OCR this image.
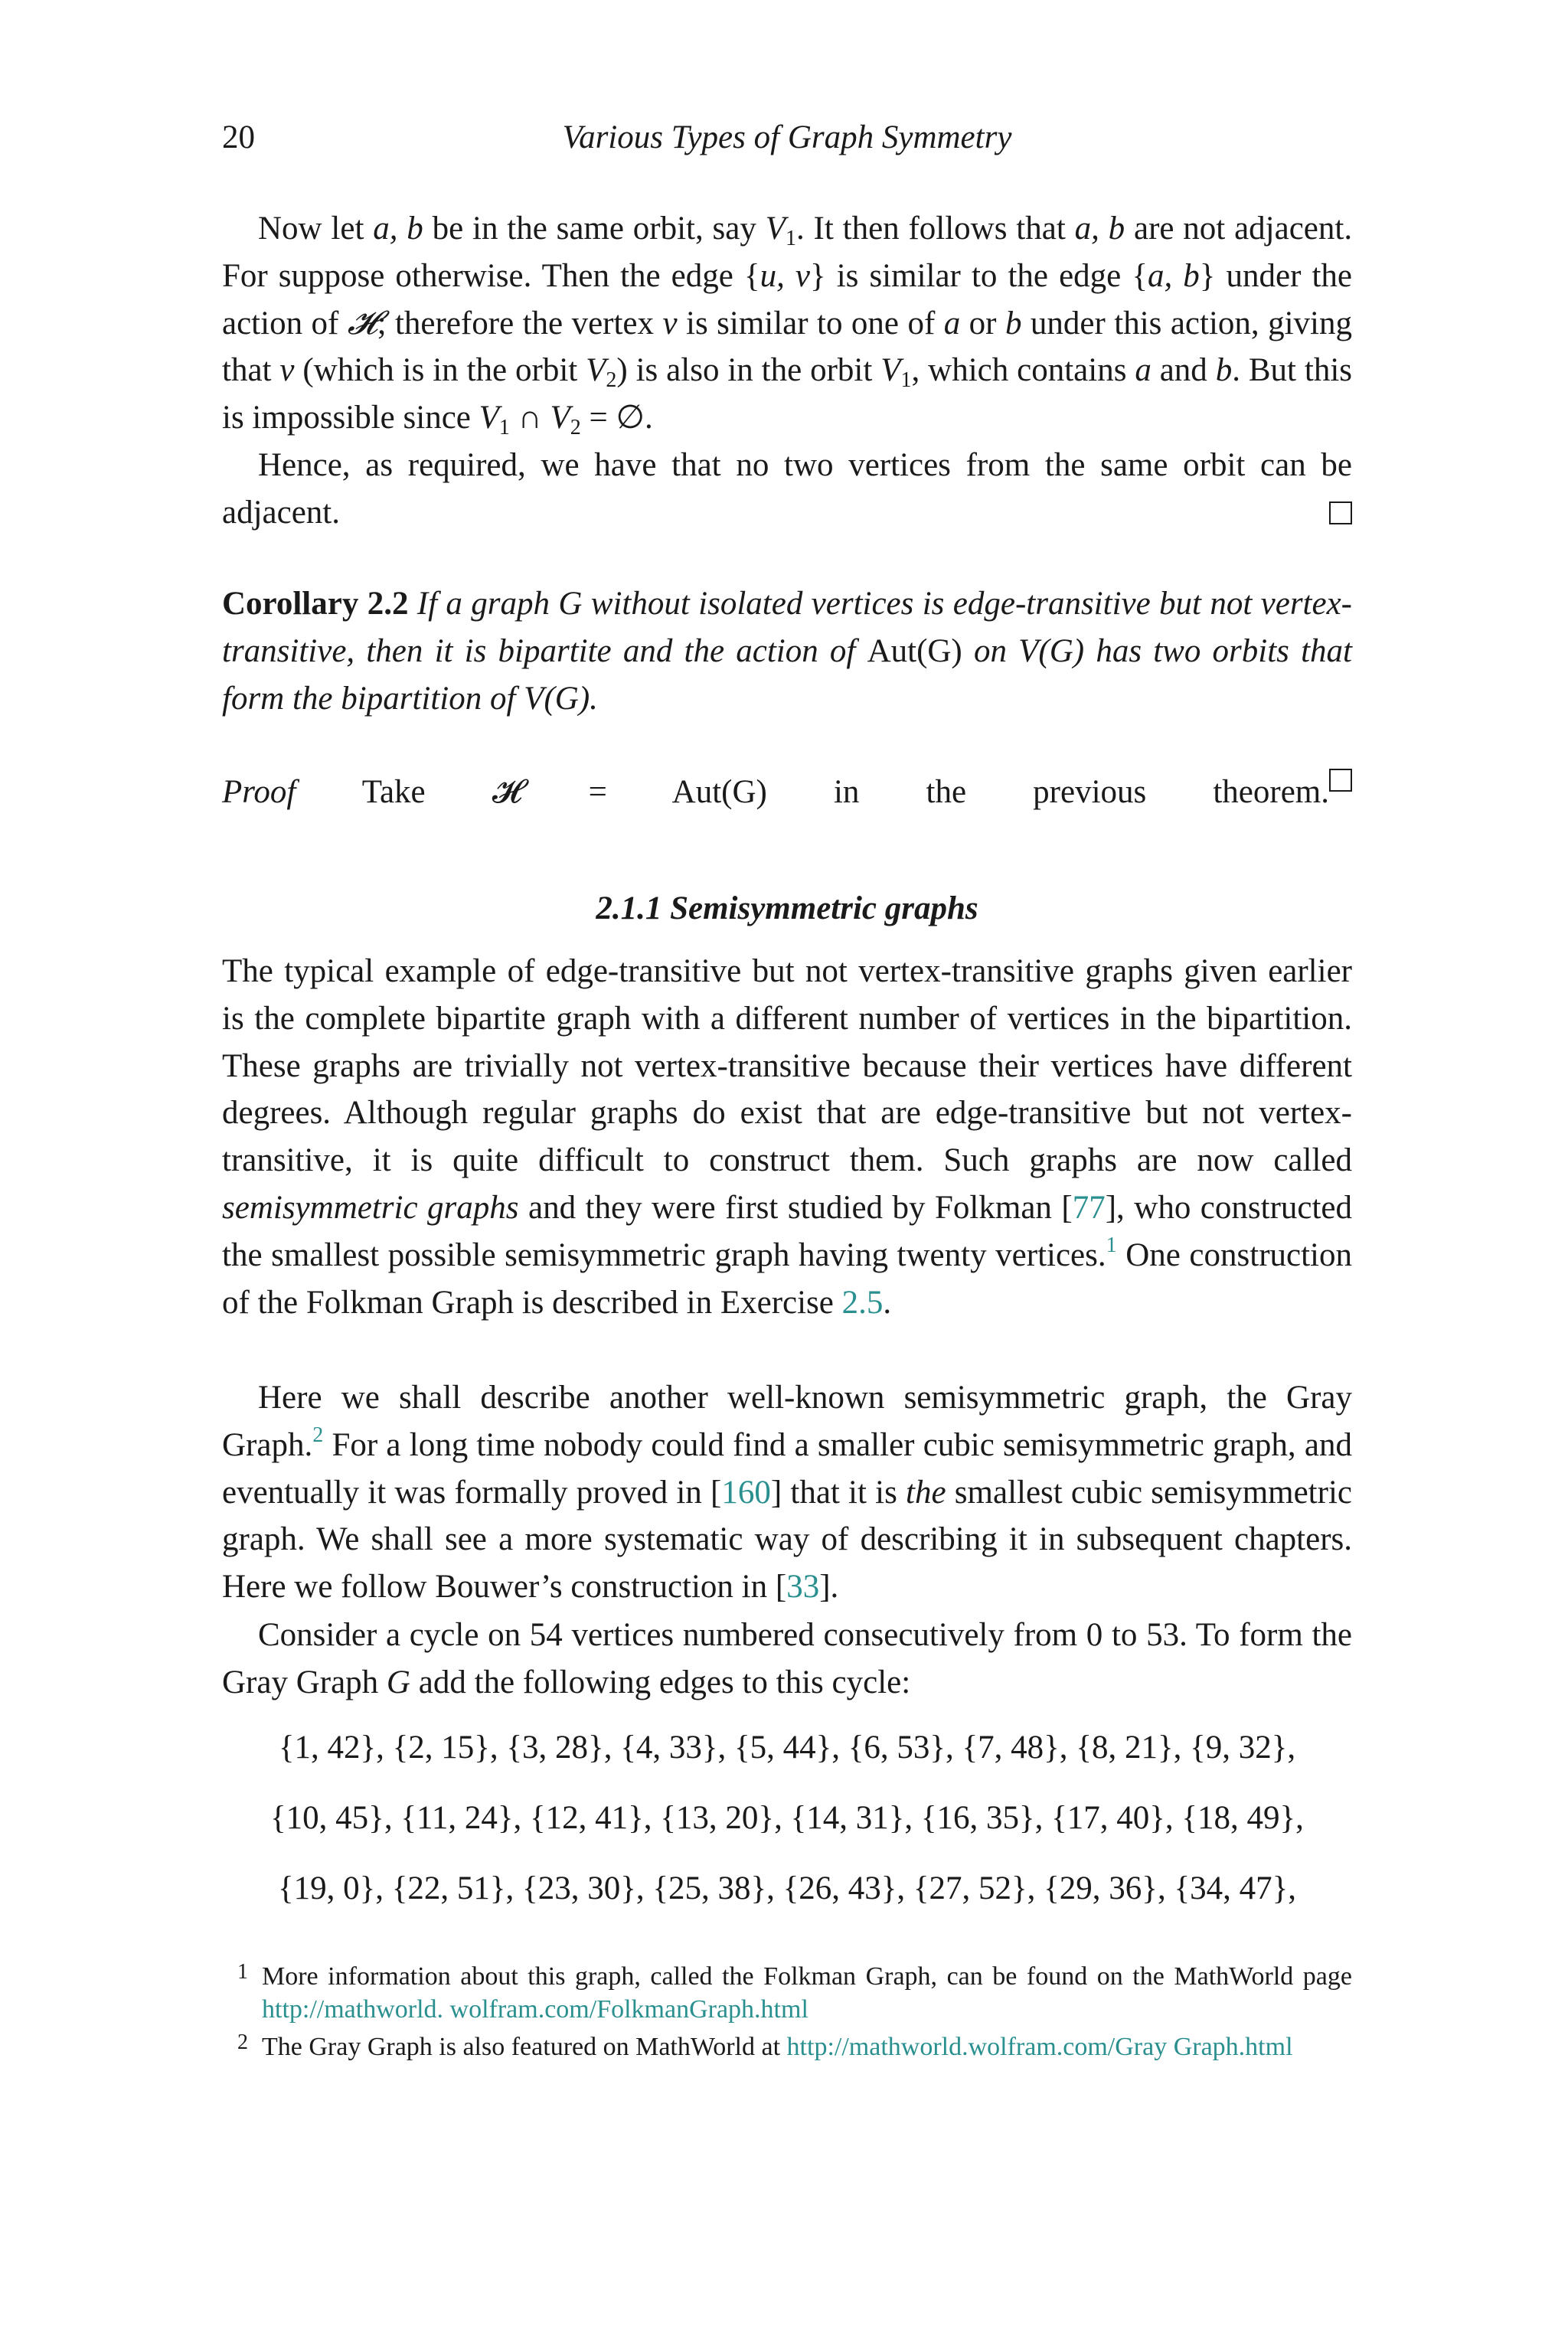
20	Various Types of Graph Symmetry

Now let a, b be in the same orbit, say $V_1$. It then follows that a, b are not adjacent. For suppose otherwise. Then the edge {u, v} is similar to the edge {a, b} under the action of 𝓗; therefore the vertex v is similar to one of a or b under this action, giving that v (which is in the orbit $V_2$) is also in the orbit $V_1$, which contains a and b. But this is impossible since $V_1$ ∩ $V_2$ = ∅.

Hence, as required, we have that no two vertices from the same orbit can be adjacent.

Corollary 2.2 If a graph G without isolated vertices is edge-transitive but not vertex-transitive, then it is bipartite and the action of Aut(G) on V(G) has two orbits that form the bipartition of V(G).

Proof Take 𝓗 = Aut(G) in the previous theorem.

2.1.1 Semisymmetric graphs

The typical example of edge-transitive but not vertex-transitive graphs given earlier is the complete bipartite graph with a different number of vertices in the bipartition. These graphs are trivially not vertex-transitive because their vertices have different degrees. Although regular graphs do exist that are edge-transitive but not vertex-transitive, it is quite difficult to construct them. Such graphs are now called semisymmetric graphs and they were first studied by Folkman [77], who constructed the smallest possible semisymmetric graph having twenty vertices.$^1$ One construction of the Folkman Graph is described in Exercise 2.5.

Here we shall describe another well-known semisymmetric graph, the Gray Graph.$^2$ For a long time nobody could find a smaller cubic semisymmetric graph, and eventually it was formally proved in [160] that it is the smallest cubic semisymmetric graph. We shall see a more systematic way of describing it in subsequent chapters. Here we follow Bouwer’s construction in [33].

Consider a cycle on 54 vertices numbered consecutively from 0 to 53. To form the Gray Graph G add the following edges to this cycle:

{1, 42}, {2, 15}, {3, 28}, {4, 33}, {5, 44}, {6, 53}, {7, 48}, {8, 21}, {9, 32},
{10, 45}, {11, 24}, {12, 41}, {13, 20}, {14, 31}, {16, 35}, {17, 40}, {18, 49},
{19, 0}, {22, 51}, {23, 30}, {25, 38}, {26, 43}, {27, 52}, {29, 36}, {34, 47},
1 More information about this graph, called the Folkman Graph, can be found on the MathWorld page http://mathworld. wolfram.com/FolkmanGraph.html
2 The Gray Graph is also featured on MathWorld at http://mathworld.wolfram.com/Gray Graph.html
